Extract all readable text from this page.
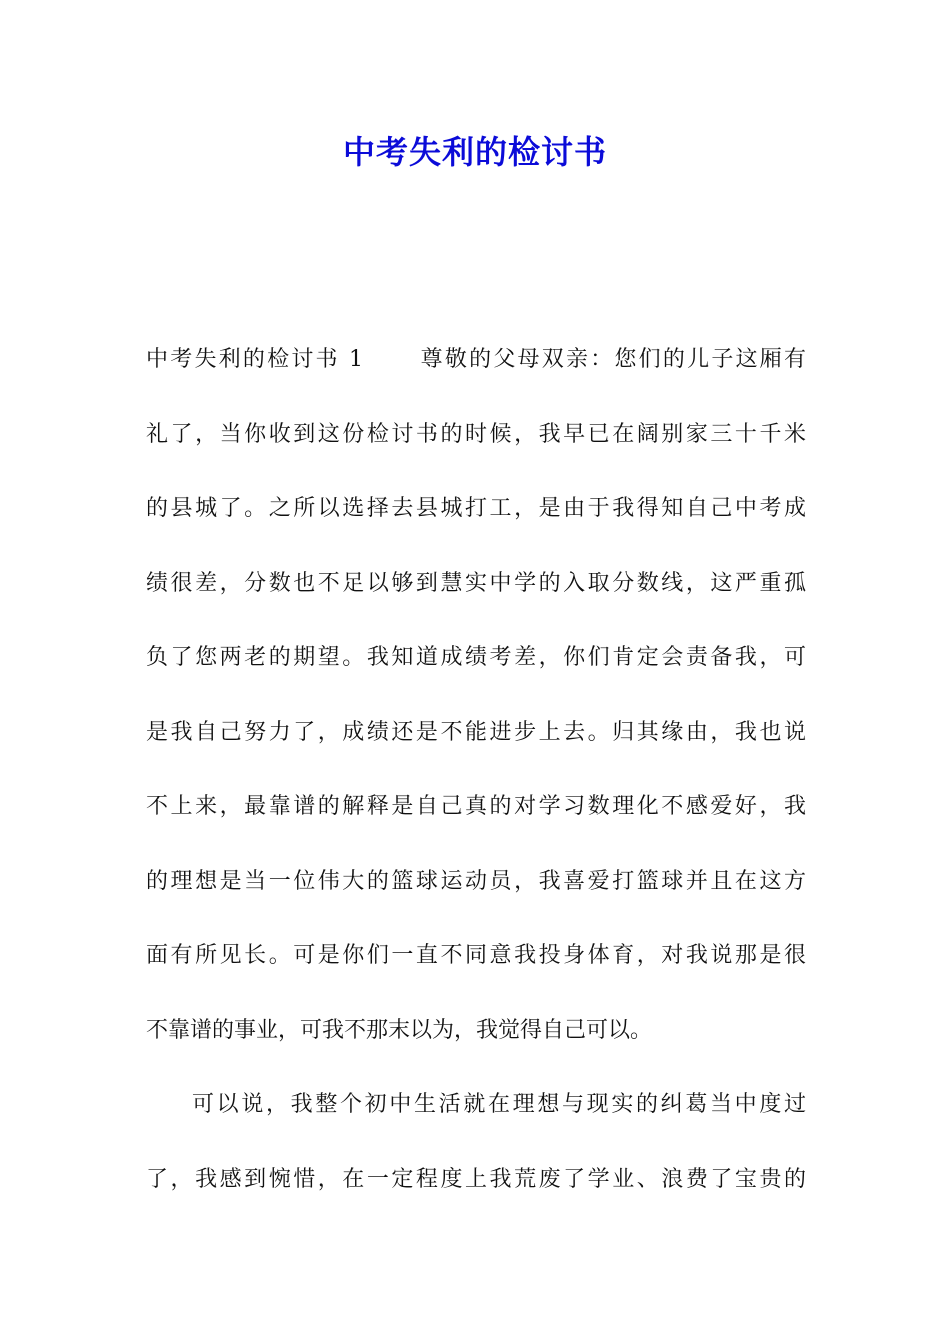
中考失利的检讨书
中考失利的检讨书 1 　　尊敬的父母双亲：您们的儿子这厢有
礼了，当你收到这份检讨书的时候，我早已在阔别家三十千米
的县城了。之所以选择去县城打工，是由于我得知自己中考成
绩很差，分数也不足以够到慧实中学的入取分数线，这严重孤
负了您两老的期望。我知道成绩考差，你们肯定会责备我，可
是我自己努力了，成绩还是不能进步上去。归其缘由，我也说
不上来，最靠谱的解释是自己真的对学习数理化不感爱好，我
的理想是当一位伟大的篮球运动员，我喜爱打篮球并且在这方
面有所见长。可是你们一直不同意我投身体育，对我说那是很
不靠谱的事业，可我不那末以为，我觉得自己可以。
可以说，我整个初中生活就在理想与现实的纠葛当中度过
了，我感到惋惜，在一定程度上我荒废了学业、浪费了宝贵的
